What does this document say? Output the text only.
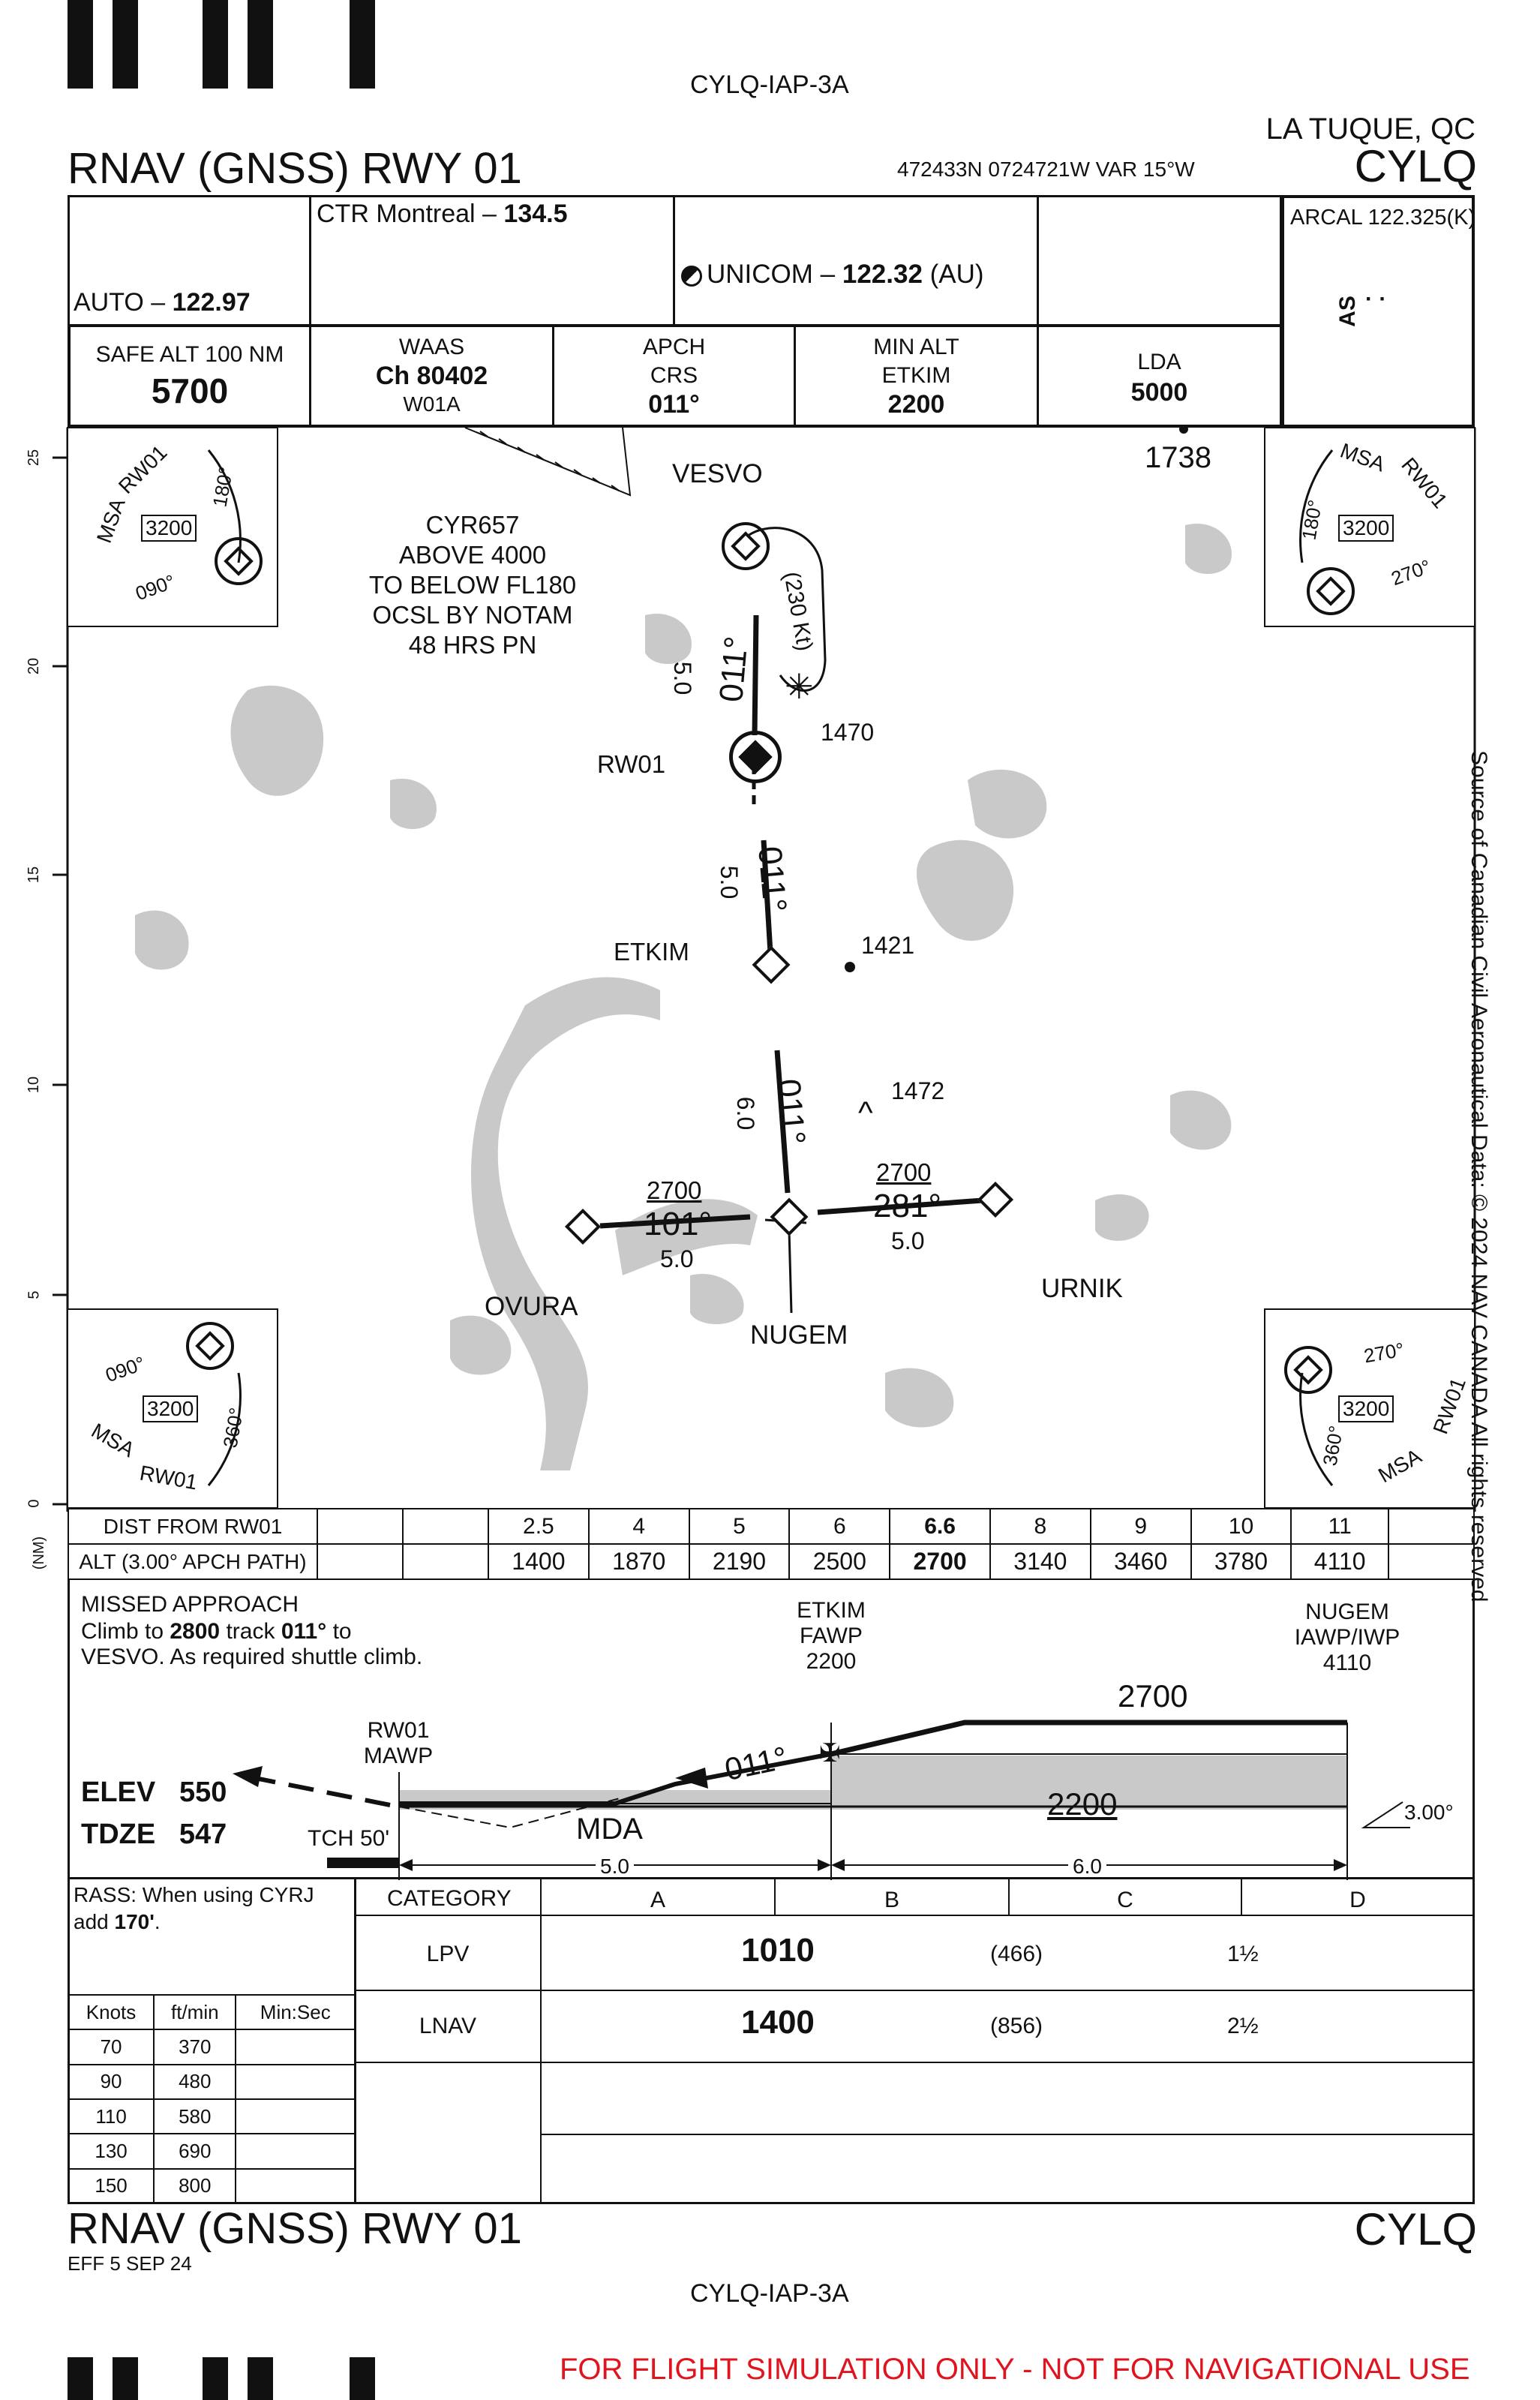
CYLQ-IAP-3A
LA TUQUE, QC
RNAV (GNSS) RWY 01	472433N 0724721W VAR 15°W	CYLQ
AUTO – 122.97
CTR Montreal – 134.5
UNICOM – 122.32 (AU)
ARCAL 122.325(K)
AS · ·
SAFE ALT 100 NM
5700
WAAS
Ch 80402
W01A
APCH
CRS
011°
MIN ALT
ETKIM
2200
LDA
5000
25
20
15
10
5
0
(NM)
CYR657
ABOVE 4000
TO BELOW FL180
OCSL BY NOTAM
48 HRS PN
VESVO
(230 Kt)
011°
5.0	✳
1470
1738
RW01
011°
5.0
ETKIM	1421
011°
6.0	^
1472
NUGEM
OVURA
2700
101°
5.0
URNIK
2700
281°
5.0
MSA
RW01
3200
180°
090°
MSA RW01
3200
180°
270°
MSA
RW01
3200
090°
360°
MSA
RW01
3200
270°
360°	Source of Canadian Civil Aeronautical Data: © 2024 NAV CANADA All rights reserved
DIST FROM RW01			2.5	4	5	6	6.6	8	9	10	11	
ALT (3.00° APCH PATH)			1400	1870	2190	2500	2700	3140	3460	3780	4110	
MISSED APPROACH
Climb to 2800 track 011° to
VESVO. As required shuttle climb.
ETKIM
FAWP
2200
NUGEM
IAWP/IWP
4110
RW01
MAWP	✠
ELEV 550
TDZE 547	TCH 50'
2700
2200
MDA
011°
3.00°
5.0	6.0
RASS: When using CYRJ
add 170'.
CATEGORY	A	B	C	D
LPV	1010	(466)	1½
LNAV	1400	(856)	2½
Knots	ft/min	Min:Sec
70	370	
90	480	
110	580	
130	690	
150	800	
RNAV (GNSS) RWY 01	CYLQ
EFF 5 SEP 24
CYLQ-IAP-3A
FOR FLIGHT SIMULATION ONLY - NOT FOR NAVIGATIONAL USE
